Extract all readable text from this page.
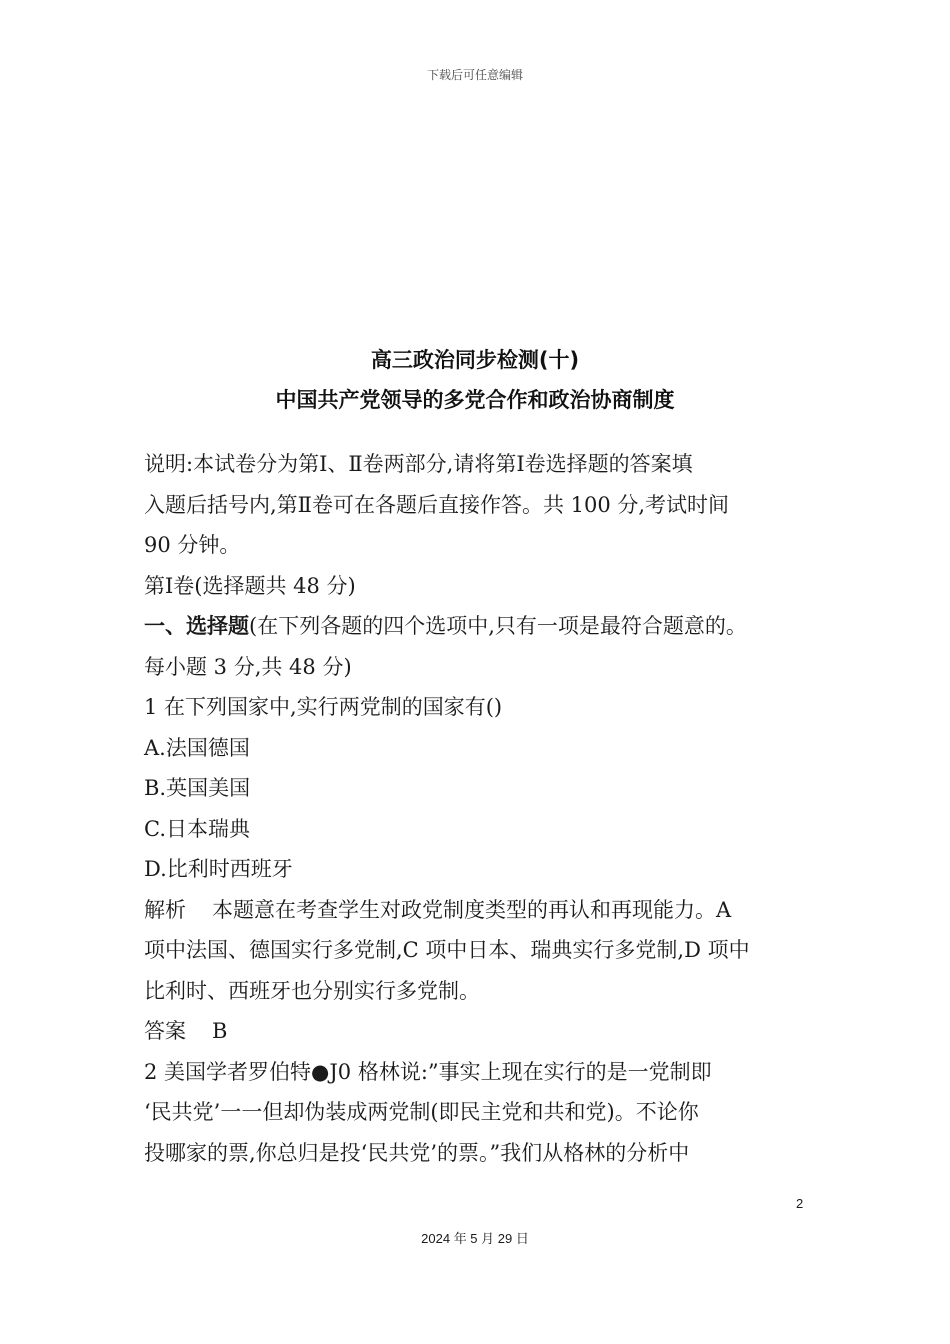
下载后可任意编辑
高三政治同步检测(十)
中国共产党领导的多党合作和政治协商制度
说明:本试卷分为第Ⅰ、Ⅱ卷两部分,请将第Ⅰ卷选择题的答案填
入题后括号内,第Ⅱ卷可在各题后直接作答。共 100 分,考试时间
90 分钟。
第Ⅰ卷(选择题共 48 分)
一、选择题(在下列各题的四个选项中,只有一项是最符合题意的。
每小题 3 分,共 48 分)
1 在下列国家中,实行两党制的国家有()
A.法国德国
B.英国美国
C.日本瑞典
D.比利时西班牙
解析 本题意在考查学生对政党制度类型的再认和再现能力。A
项中法国、德国实行多党制,C 项中日本、瑞典实行多党制,D 项中
比利时、西班牙也分别实行多党制。
答案 B
2 美国学者罗伯特●J0 格林说:”事实上现在实行的是一党制即
‘民共党’一一但却伪装成两党制(即民主党和共和党)。不论你
投哪家的票,你总归是投‘民共党’的票。”我们从格林的分析中
2
2024 年 5 月 29 日
